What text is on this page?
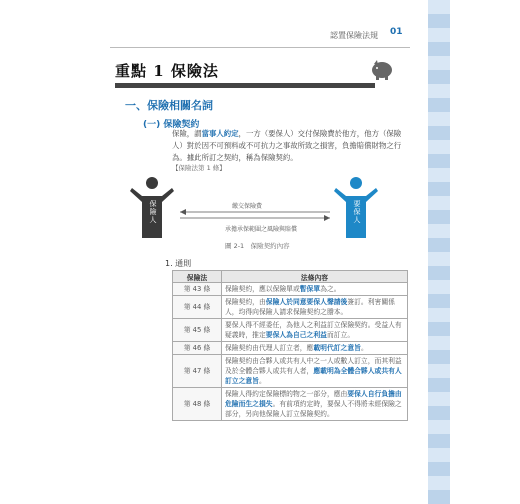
認置保險法規 01
重點 1 保險法
一、保險相關名詞
(一) 保險契約
保險，謂當事人約定，一方（要保人）交付保險費於他方，他方（保險人）對於因不可預料或不可抗力之事故所致之損害，負擔賠償財物之行為。據此所訂之契約，稱為保險契約。
【保險法第 1 條】
保險人	要保人
繳交保險費
承擔承保範圍之風險與賠償
圖 2-1　保險契約內容
1. 通則
保險法	法條內容
第 43 條	保險契約，應以保險單或暫保單為之。
第 44 條	保險契約，由保險人於同意要保人聲請後簽訂。利害關係人，均得向保險人請求保險契約之謄本。
第 45 條	要保人得不經委任，為他人之利益訂立保險契約。受益人有疑義時，推定要保人為自己之利益而訂立。
第 46 條	保險契約由代理人訂立者，應載明代訂之意旨。
第 47 條	保險契約由合夥人或共有人中之一人或數人訂立，而其利益及於全體合夥人或共有人者，應載明為全體合夥人或共有人訂立之意旨。
第 48 條	保險人得約定保險標的物之一部分，應由要保人自行負擔由危險而生之損失。有前項約定時，要保人不得將未經保險之部分，另向他保險人訂立保險契約。
